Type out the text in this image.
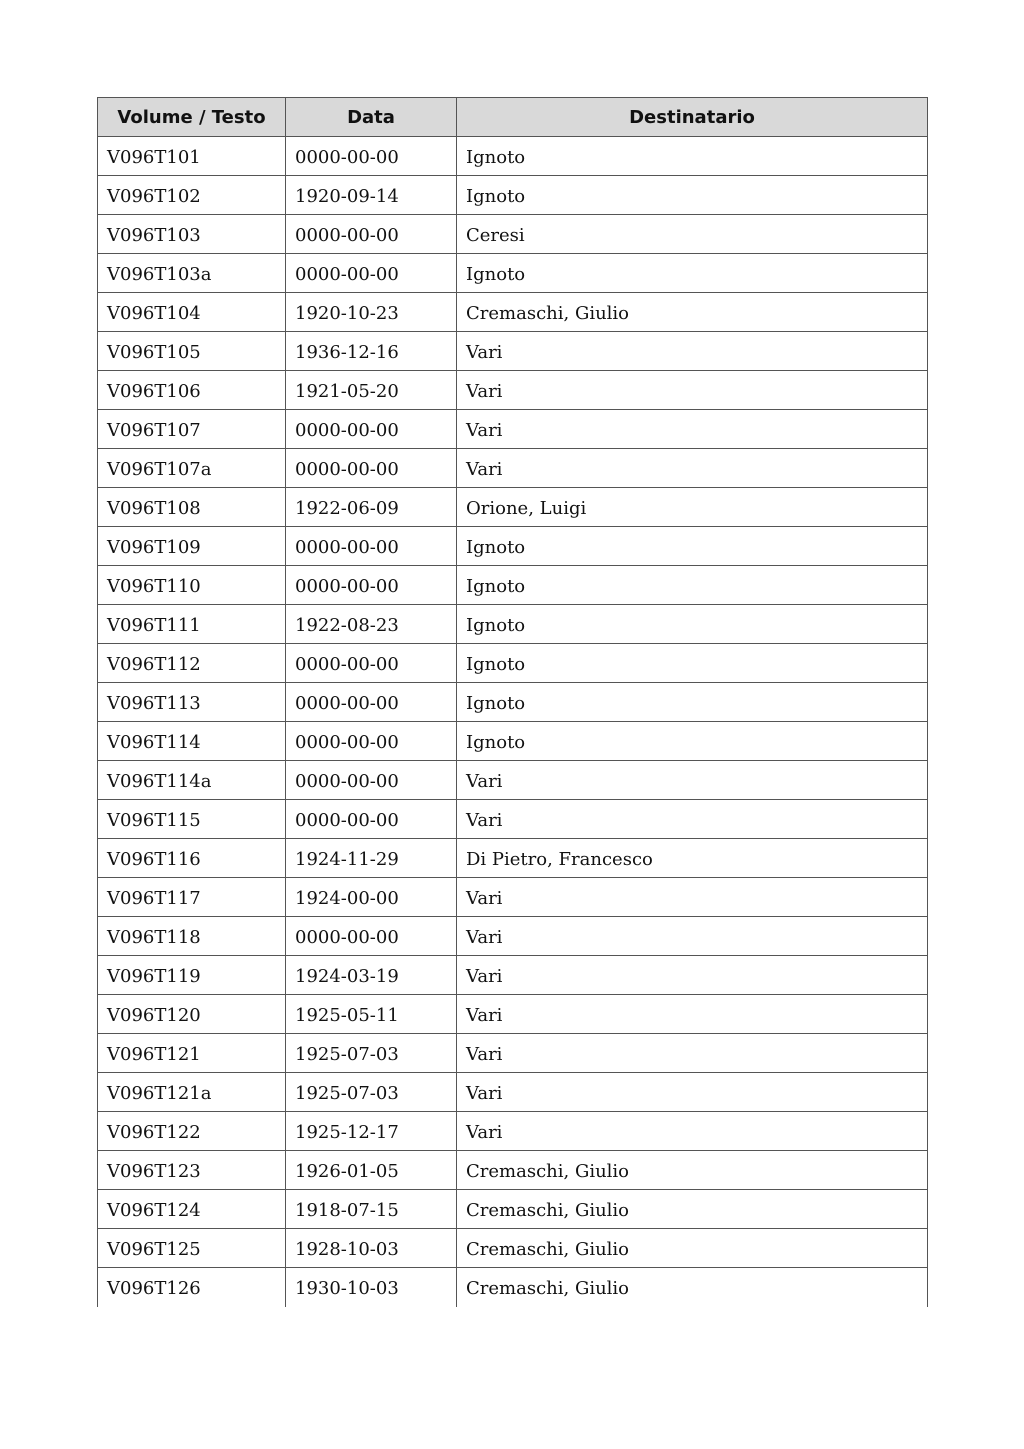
Volume / Testo	Data	Destinatario
V096T101	0000-00-00	Ignoto
V096T102	1920-09-14	Ignoto
V096T103	0000-00-00	Ceresi
V096T103a	0000-00-00	Ignoto
V096T104	1920-10-23	Cremaschi, Giulio
V096T105	1936-12-16	Vari
V096T106	1921-05-20	Vari
V096T107	0000-00-00	Vari
V096T107a	0000-00-00	Vari
V096T108	1922-06-09	Orione, Luigi
V096T109	0000-00-00	Ignoto
V096T110	0000-00-00	Ignoto
V096T111	1922-08-23	Ignoto
V096T112	0000-00-00	Ignoto
V096T113	0000-00-00	Ignoto
V096T114	0000-00-00	Ignoto
V096T114a	0000-00-00	Vari
V096T115	0000-00-00	Vari
V096T116	1924-11-29	Di Pietro, Francesco
V096T117	1924-00-00	Vari
V096T118	0000-00-00	Vari
V096T119	1924-03-19	Vari
V096T120	1925-05-11	Vari
V096T121	1925-07-03	Vari
V096T121a	1925-07-03	Vari
V096T122	1925-12-17	Vari
V096T123	1926-01-05	Cremaschi, Giulio
V096T124	1918-07-15	Cremaschi, Giulio
V096T125	1928-10-03	Cremaschi, Giulio
V096T126	1930-10-03	Cremaschi, Giulio
